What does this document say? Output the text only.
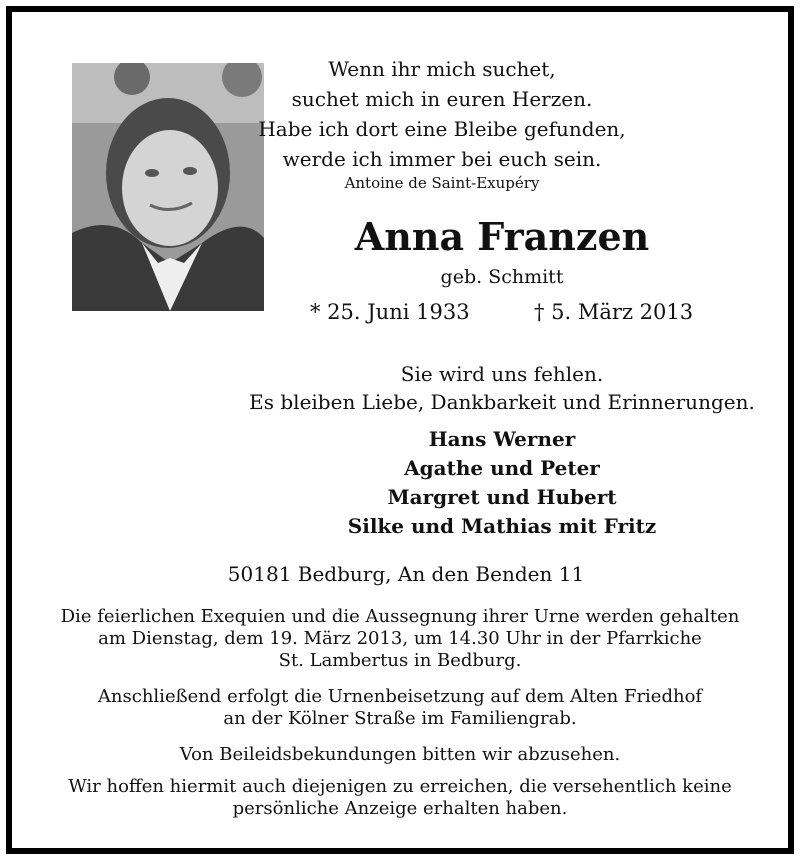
Wenn ihr mich suchet,
suchet mich in euren Herzen.
Habe ich dort eine Bleibe gefunden,
werde ich immer bei euch sein.
Antoine de Saint-Exupéry
Anna Franzen
geb. Schmitt
* 25. Juni 1933	† 5. März 2013
Sie wird uns fehlen.
Es bleiben Liebe, Dankbarkeit und Erinnerungen.
Hans Werner
Agathe und Peter
Margret und Hubert
Silke und Mathias mit Fritz
50181 Bedburg, An den Benden 11
Die feierlichen Exequien und die Aussegnung ihrer Urne werden gehalten
am Dienstag, dem 19. März 2013, um 14.30 Uhr in der Pfarrkiche
St. Lambertus in Bedburg.
Anschließend erfolgt die Urnenbeisetzung auf dem Alten Friedhof
an der Kölner Straße im Familiengrab.
Von Beileidsbekundungen bitten wir abzusehen.
Wir hoffen hiermit auch diejenigen zu erreichen, die versehentlich keine
persönliche Anzeige erhalten haben.
